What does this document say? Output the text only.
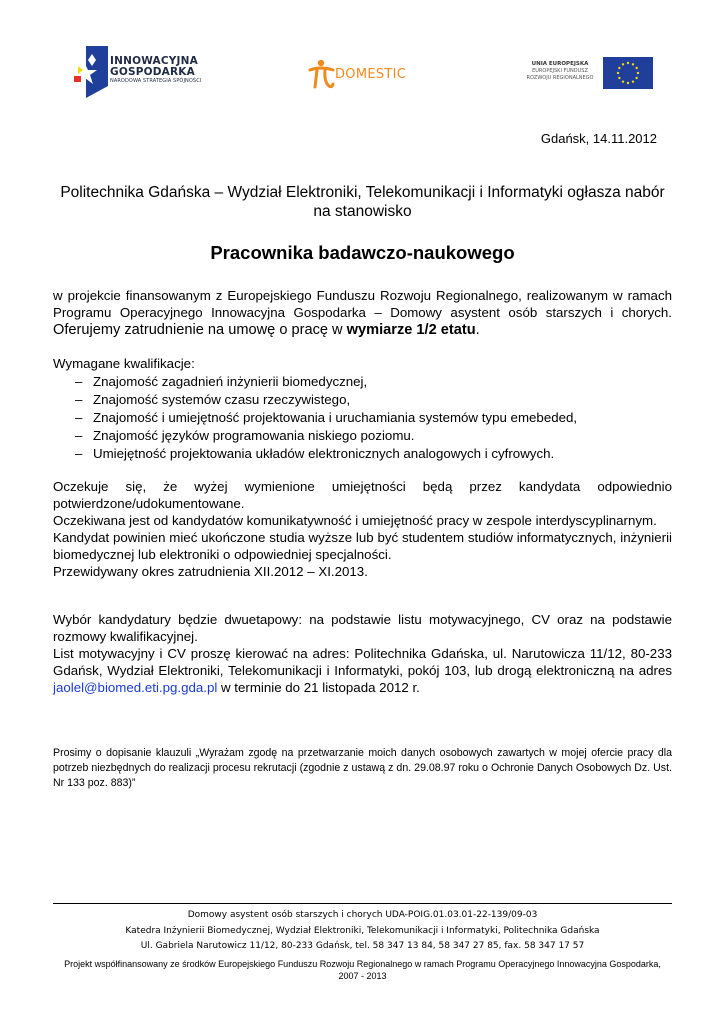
INNOWACYJNA
GOSPODARKA
NARODOWA STRATEGIA SPÓJNOŚCI	DOMESTIC
UNIA EUROPEJSKA
EUROPEJSKI FUNDUSZ
ROZWOJU REGIONALNEGO
Gdańsk, 14.11.2012
Politechnika Gdańska – Wydział Elektroniki, Telekomunikacji i Informatyki ogłasza nabór na stanowisko
Pracownika badawczo-naukowego
w projekcie finansowanym z Europejskiego Funduszu Rozwoju Regionalnego, realizowanym w ramach Programu Operacyjnego Innowacyjna Gospodarka – Domowy asystent osób starszych i chorych. Oferujemy zatrudnienie na umowę o pracę w wymiarze 1/2 etatu.
Wymagane kwalifikacje:
– Znajomość zagadnień inżynierii biomedycznej,
– Znajomość systemów czasu rzeczywistego,
– Znajomość i umiejętność projektowania i uruchamiania systemów typu emebeded,
– Znajomość języków programowania niskiego poziomu.
– Umiejętność projektowania układów elektronicznych analogowych i cyfrowych.
Oczekuje się, że wyżej wymienione umiejętności będą przez kandydata odpowiednio potwierdzone/udokumentowane.
Oczekiwana jest od kandydatów komunikatywność i umiejętność pracy w zespole interdyscyplinarnym.
Kandydat powinien mieć ukończone studia wyższe lub być studentem studiów informatycznych, inżynierii biomedycznej lub elektroniki o odpowiedniej specjalności.
Przewidywany okres zatrudnienia XII.2012 – XI.2013.
Wybór kandydatury będzie dwuetapowy: na podstawie listu motywacyjnego, CV oraz na podstawie rozmowy kwalifikacyjnej.
List motywacyjny i CV proszę kierować na adres: Politechnika Gdańska, ul. Narutowicza 11/12, 80-233 Gdańsk, Wydział Elektroniki, Telekomunikacji i Informatyki, pokój 103, lub drogą elektroniczną na adres jaolel@biomed.eti.pg.gda.pl w terminie do 21 listopada 2012 r.
Prosimy o dopisanie klauzuli „Wyrażam zgodę na przetwarzanie moich danych osobowych zawartych w mojej ofercie pracy dla potrzeb niezbędnych do realizacji procesu rekrutacji (zgodnie z ustawą z dn. 29.08.97 roku o Ochronie Danych Osobowych Dz. Ust. Nr 133 poz. 883)”
Domowy asystent osób starszych i chorych UDA-POIG.01.03.01-22-139/09-03
Katedra Inżynierii Biomedycznej, Wydział Elektroniki, Telekomunikacji i Informatyki, Politechnika Gdańska
Ul. Gabriela Narutowicz 11/12, 80-233 Gdańsk, tel. 58 347 13 84, 58 347 27 85, fax. 58 347 17 57
Projekt współfinansowany ze środków Europejskiego Funduszu Rozwoju Regionalnego w ramach Programu Operacyjnego Innowacyjna Gospodarka, 2007 - 2013
